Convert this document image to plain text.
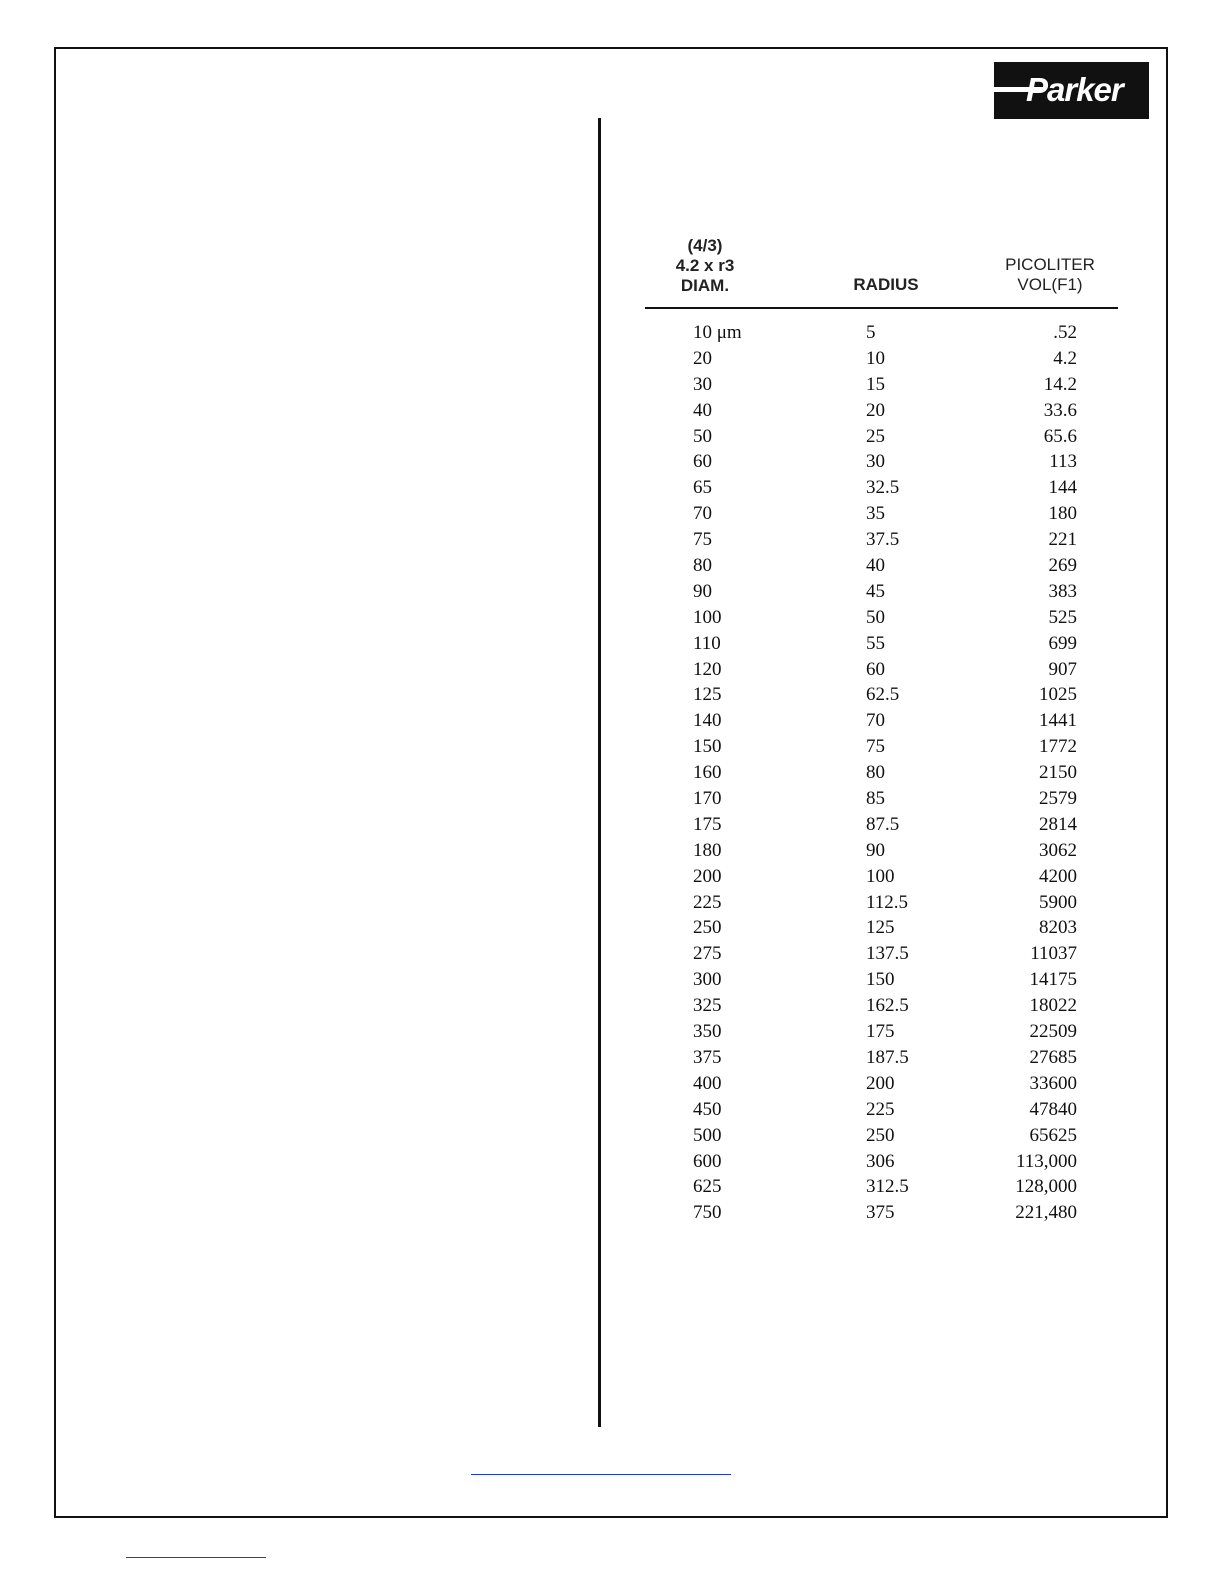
Parker
(4/3)
4.2 x r3
DIAM.	RADIUS
PICOLITER
VOL(F1)
10 μm	5	.52
20	10	4.2
30	15	14.2
40	20	33.6
50	25	65.6
60	30	113
65	32.5	144
70	35	180
75	37.5	221
80	40	269
90	45	383
100	50	525
110	55	699
120	60	907
125	62.5	1025
140	70	1441
150	75	1772
160	80	2150
170	85	2579
175	87.5	2814
180	90	3062
200	100	4200
225	112.5	5900
250	125	8203
275	137.5	11037
300	150	14175
325	162.5	18022
350	175	22509
375	187.5	27685
400	200	33600
450	225	47840
500	250	65625
600	306	113,000
625	312.5	128,000
750	375	221,480
